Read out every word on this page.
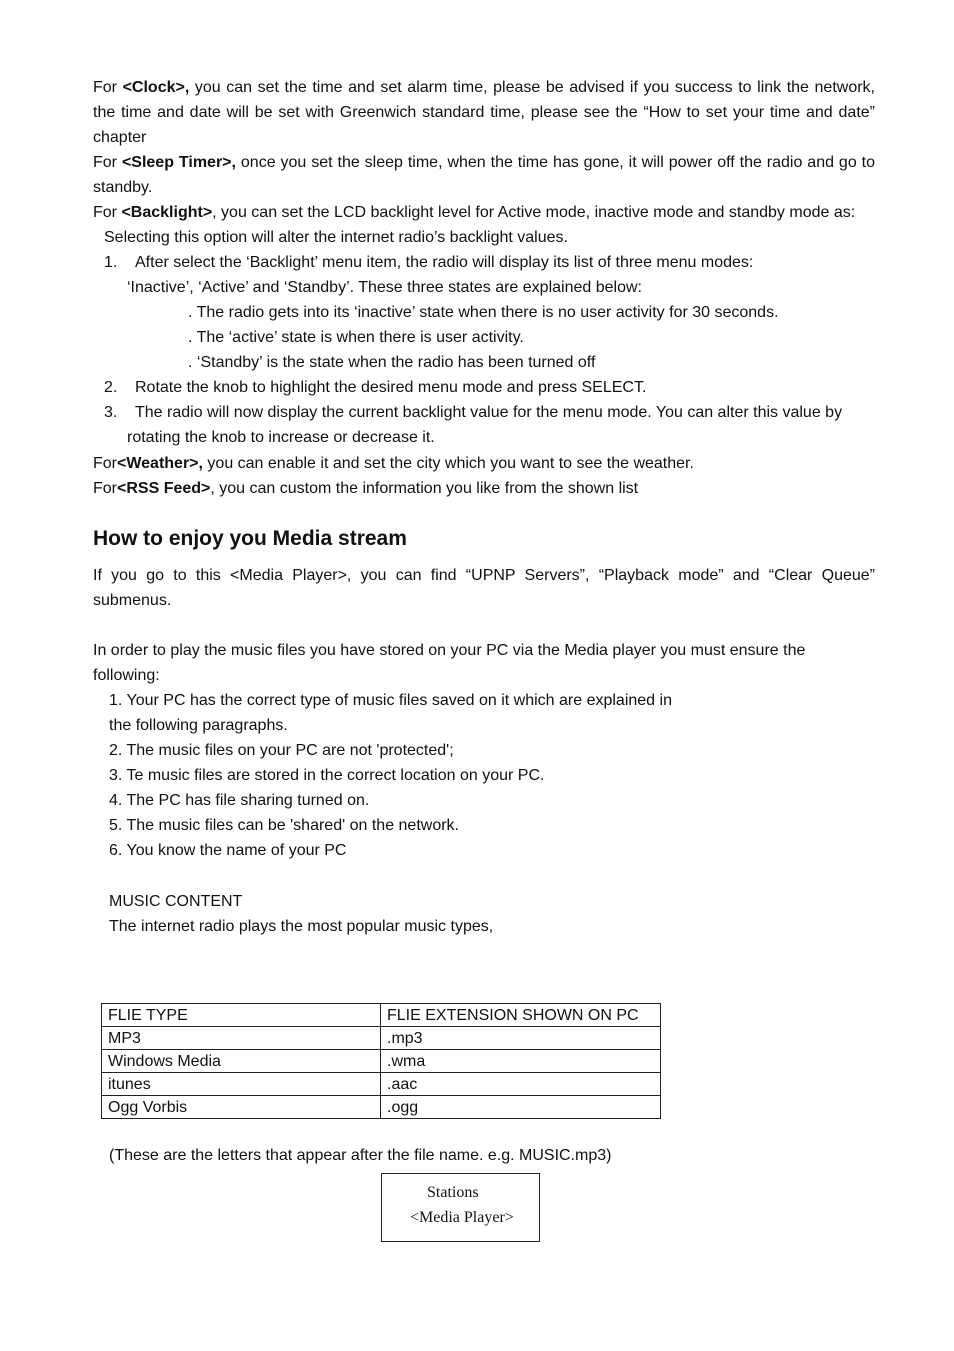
For <Clock>, you can set the time and set alarm time, please be advised if you success to link the network, the time and date will be set with Greenwich standard time, please see the “How to set your time and date” chapter

For <Sleep Timer>, once you set the sleep time, when the time has gone, it will power off the radio and go to standby.

For <Backlight>, you can set the LCD backlight level for Active mode, inactive mode and standby mode as:

Selecting this option will alter the internet radio’s backlight values.
1. After select the ‘Backlight’ menu item, the radio will display its list of three menu modes:
‘Inactive’, ‘Active’ and ‘Standby’. These three states are explained below:
. The radio gets into its ‘inactive’ state when there is no user activity for 30 seconds.
. The ‘active’ state is when there is user activity.
. ‘Standby’ is the state when the radio has been turned off
2. Rotate the knob to highlight the desired menu mode and press SELECT.
3. The radio will now display the current backlight value for the menu mode. You can alter this value by
rotating the knob to increase or decrease it.

For<Weather>, you can enable it and set the city which you want to see the weather.

For<RSS Feed>, you can custom the information you like from the shown list

How to enjoy you Media stream

If you go to this <Media Player>, you can find “UPNP Servers”, “Playback mode” and “Clear Queue” submenus.

In order to play the music files you have stored on your PC via the Media player you must ensure the following:

1. Your PC has the correct type of music files saved on it which are explained in
the following paragraphs.
2. The music files on your PC are not 'protected';
3. Te music files are stored in the correct location on your PC.
4. The PC has file sharing turned on.
5. The music files can be 'shared' on the network.
6. You know the name of your PC
MUSIC CONTENT
The internet radio plays the most popular music types,
FLIE TYPE	FLIE EXTENSION SHOWN ON PC
MP3	.mp3
Windows Media	.wma
itunes	.aac
Ogg Vorbis	.ogg
(These are the letters that appear after the file name. e.g. MUSIC.mp3)
Stations
<Media Player>
